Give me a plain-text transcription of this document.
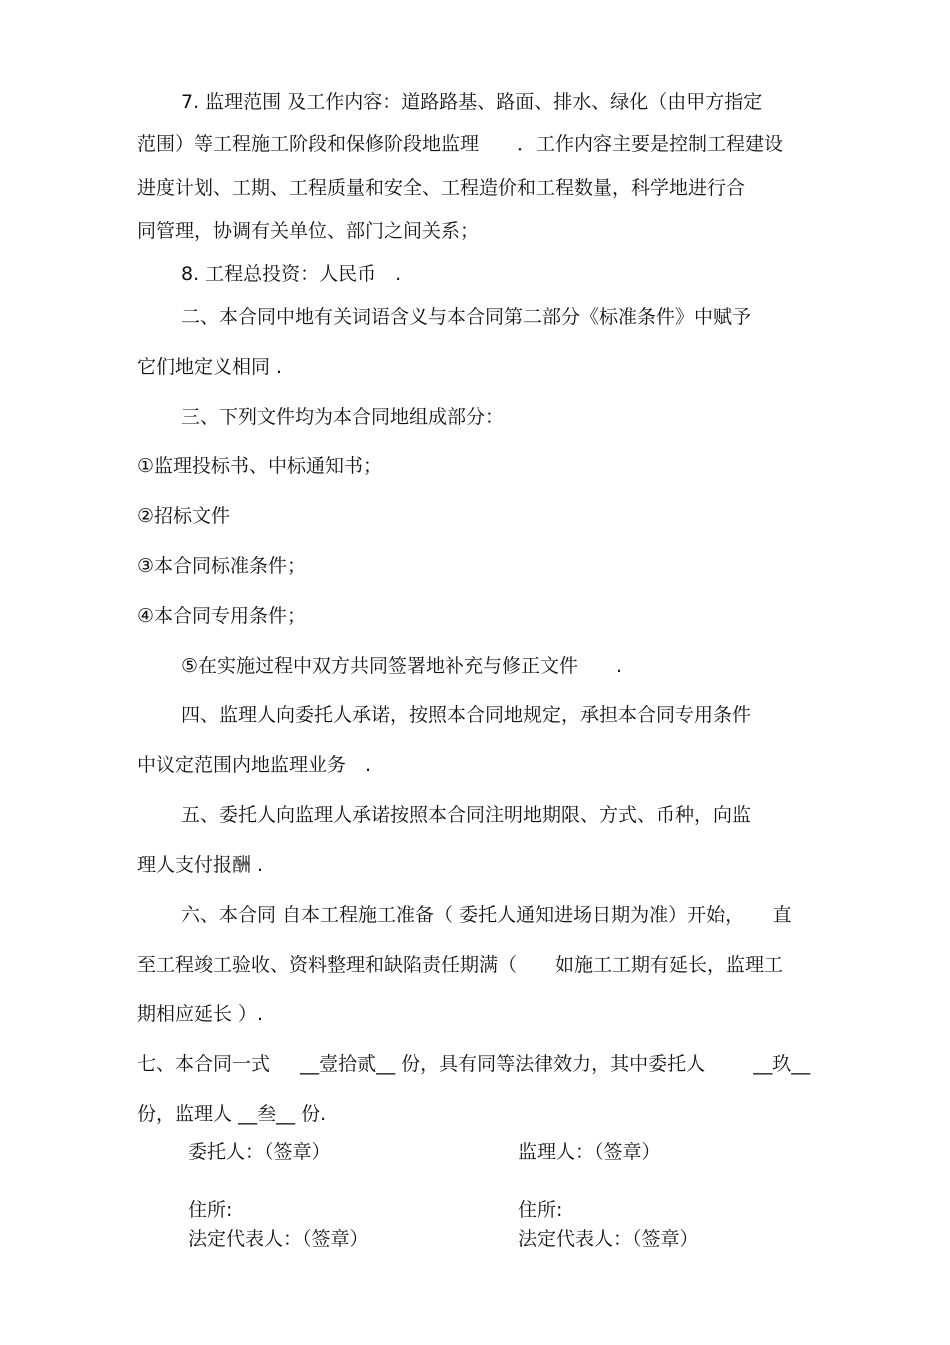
7. 监理范围 及工作内容：道路路基、路面、排水、绿化（由甲方指定
范围）等工程施工阶段和保修阶段地监理　　．工作内容主要是控制工程建设
进度计划、工期、工程质量和安全、工程造价和工程数量，科学地进行合
同管理，协调有关单位、部门之间关系；
8. 工程总投资：人民币　.
二、本合同中地有关词语含义与本合同第二部分《标准条件》中赋予
它们地定义相同 .
三、下列文件均为本合同地组成部分：
①监理投标书、中标通知书；
②招标文件
③本合同标准条件；
④本合同专用条件；
⑤在实施过程中双方共同签署地补充与修正文件　　.
四、监理人向委托人承诺，按照本合同地规定，承担本合同专用条件
中议定范围内地监理业务　.
五、委托人向监理人承诺按照本合同注明地期限、方式、币种，向监
理人支付报酬 .
六、本合同 自本工程施工准备（ 委托人通知进场日期为准）开始，　　直
至工程竣工验收、资料整理和缺陷责任期满（　　如施工工期有延长，监理工
期相应延长 ）.
七、本合同一式 __壹拾贰__ 份，具有同等法律效力，其中委托人	__玖__
份，监理人 __叁__ 份.
委托人：（签章）	监理人：（签章）
住所:	住所:
法定代表人：（签章）	法定代表人：（签章）
